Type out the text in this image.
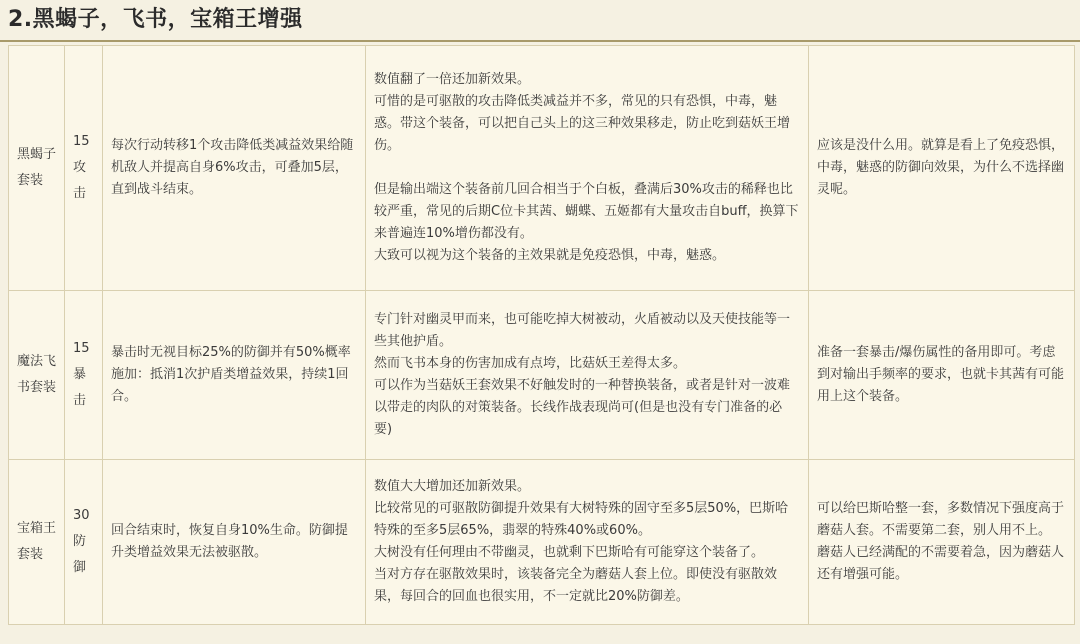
2.黑蝎子，飞书，宝箱王增强
黑蝎子套装	15攻击	每次行动转移1个攻击降低类减益效果给随机敌人并提高自身6%攻击，可叠加5层，直到战斗结束。	数值翻了一倍还加新效果。
可惜的是可驱散的攻击降低类减益并不多，常见的只有恐惧，中毒，魅惑。带这个装备，可以把自己头上的这三种效果移走，防止吃到菇妖王增伤。
但是输出端这个装备前几回合相当于个白板，叠满后30%攻击的稀释也比较严重，常见的后期C位卡其茜、蝴蝶、五姬都有大量攻击自buff，换算下来普遍连10%增伤都没有。
大致可以视为这个装备的主效果就是免疫恐惧，中毒，魅惑。	应该是没什么用。就算是看上了免疫恐惧，中毒，魅惑的防御向效果，为什么不选择幽灵呢。
魔法飞书套装	15暴击	暴击时无视目标25%的防御并有50%概率施加：抵消1次护盾类增益效果，持续1回合。	专门针对幽灵甲而来，也可能吃掉大树被动，火盾被动以及天使技能等一些其他护盾。
然而飞书本身的伤害加成有点垮，比菇妖王差得太多。
可以作为当菇妖王套效果不好触发时的一种替换装备，或者是针对一波难以带走的肉队的对策装备。长线作战表现尚可(但是也没有专门准备的必要)	准备一套暴击/爆伤属性的备用即可。考虑到对输出手频率的要求，也就卡其茜有可能用上这个装备。
宝箱王套装	30防御	回合结束时，恢复自身10%生命。防御提升类增益效果无法被驱散。	数值大大增加还加新效果。
比较常见的可驱散防御提升效果有大树特殊的固守至多5层50%，巴斯哈特殊的至多5层65%，翡翠的特殊40%或60%。
大树没有任何理由不带幽灵，也就剩下巴斯哈有可能穿这个装备了。
当对方存在驱散效果时，该装备完全为蘑菇人套上位。即使没有驱散效果，每回合的回血也很实用，不一定就比20%防御差。	可以给巴斯哈整一套，多数情况下强度高于蘑菇人套。不需要第二套，别人用不上。
蘑菇人已经满配的不需要着急，因为蘑菇人还有增强可能。
